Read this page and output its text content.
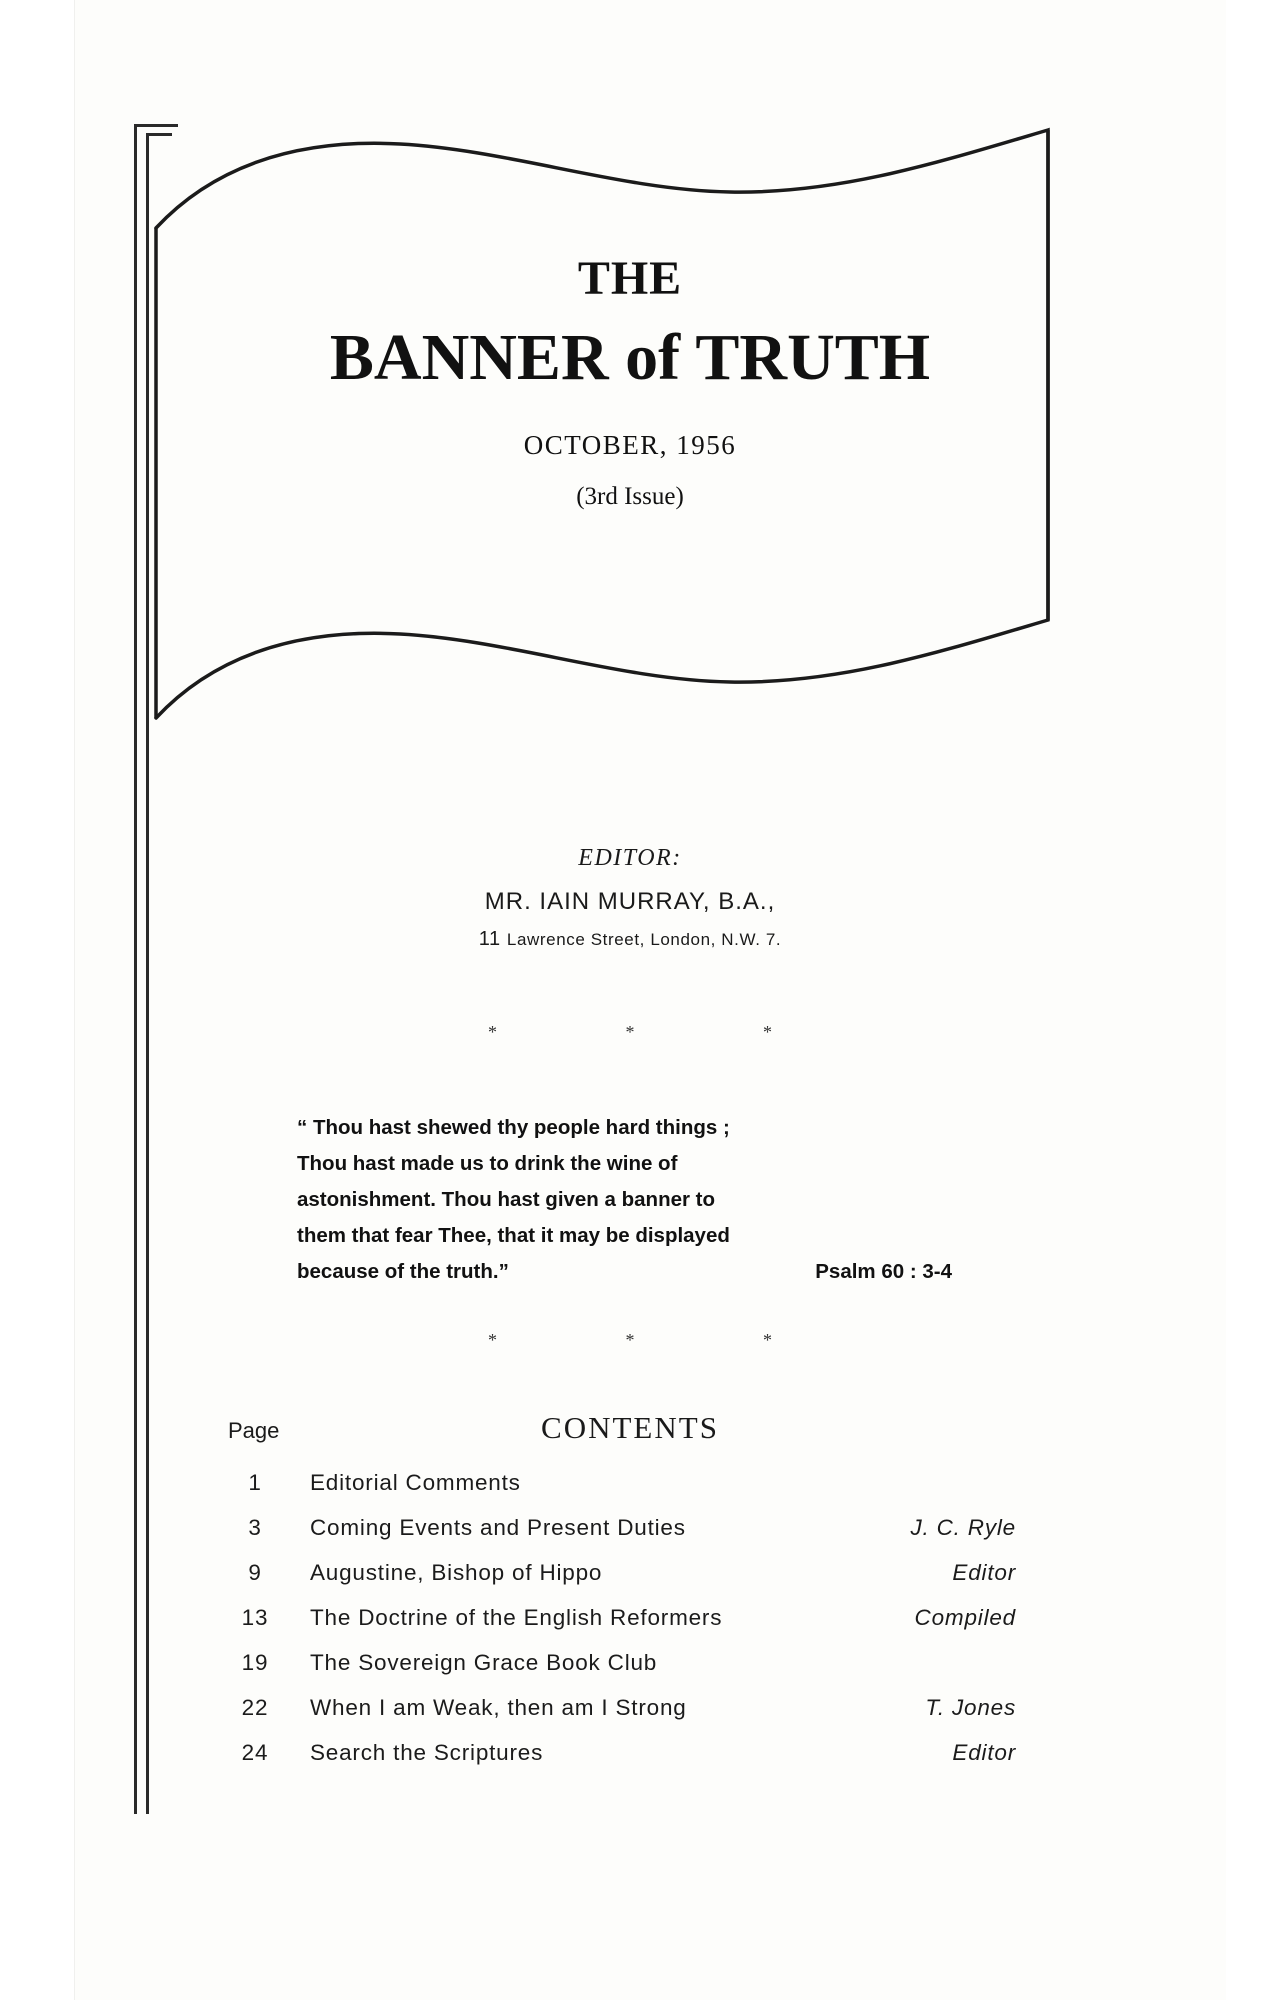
THE
BANNER of TRUTH
OCTOBER, 1956
(3rd Issue)
EDITOR:
MR. IAIN MURRAY, B.A.,
11 Lawrence Street, London, N.W. 7.
* * *
“ Thou hast shewed thy people hard things ;
Thou hast made us to drink the wine of
astonishment. Thou hast given a banner to
them that fear Thee, that it may be displayed
because of the truth.”	Psalm 60 : 3-4
* * *
CONTENTS
Page
1	Editorial Comments
3	Coming Events and Present Duties	J. C. Ryle
9	Augustine, Bishop of Hippo	Editor
13	The Doctrine of the English Reformers	Compiled
19	The Sovereign Grace Book Club
22	When I am Weak, then am I Strong	T. Jones
24	Search the Scriptures	Editor
